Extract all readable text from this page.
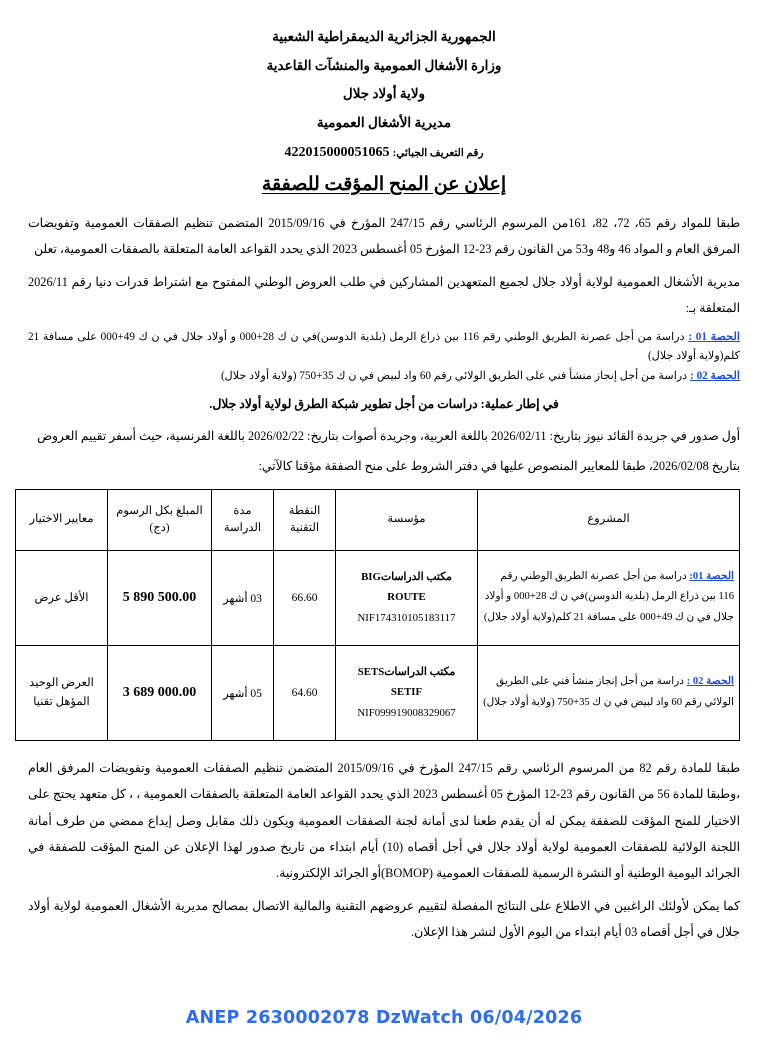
الجمهورية الجزائرية الديمقراطية الشعبية
وزارة الأشغال العمومية والمنشآت القاعدية
ولاية أولاد جلال
مديرية الأشغال العمومية
رقم التعريف الجبائي: 422015000051065
إعلان عن المنح المؤقت للصفقة

طبقا للمواد رقم 65، 72، 82، 161من المرسوم الرئاسي رقم 247/15 المؤرخ في 2015/09/16 المتضمن تنظيم الصفقات العمومية وتفويضات المرفق العام و المواد 46 و48 و53 من القانون رقم 23-12 المؤرخ 05 أغسطس 2023 الذي يحدد القواعد العامة المتعلقة بالصفقات العمومية، تعلن

مديرية الأشغال العمومية لولاية أولاد جلال لجميع المتعهدين المشاركين في طلب العروض الوطني المفتوح مع اشتراط قدرات دنيا رقم 2026/11 المتعلقة بـ:

الحصة 01 : دراسة من أجل عصرنة الطريق الوطني رقم 116 بين ذراع الرمل (بلدية الدوسن)في ن ك 28+000 و أولاد جلال في ن ك 49+000 على مسافة 21 كلم(ولاية أولاد جلال)

الحصة 02 : دراسة من أجل إنجاز منشأ فني على الطريق الولائي رقم 60 واد لبيض في ن ك 35+750 (ولاية أولاد جلال)

في إطار عملية: دراسات من أجل تطوير شبكة الطرق لولاية أولاد جلال.

أول صدور في جريدة القائد نيوز بتاريخ: 2026/02/11 باللغة العربية، وجريدة أصوات بتاريخ: 2026/02/22 باللغة الفرنسية، حيث أسفر تقييم العروض

بتاريخ 2026/02/08، طبقا للمعايير المنصوص عليها في دفتر الشروط على منح الصفقة مؤقتا كالآتي:

المشروع	مؤسسة	النقطة التقنية	مدة الدراسة	المبلغ بكل الرسوم (دج)	معايير الاختيار
الحصة 01: دراسة من أجل عصرنة الطريق الوطني رقم 116 بين ذراع الرمل (بلدية الدوسن)في ن ك 28+000 و أولاد جلال في ن ك 49+000 على مسافة 21 كلم(ولاية أولاد جلال)	مكتب الدراساتBIG ROUTE
NIF174310105183117	66.60	03 أشهر	5 890 500.00	الأقل عرض
الحصة 02 : دراسة من أجل إنجاز منشأ فني على الطريق الولائي رقم 60 واد لبيض في ن ك 35+750 (ولاية أولاد جلال)	مكتب الدراساتSETS SETIF
NIF099919008329067	64.60	05 أشهر	3 689 000.00	العرض الوحيد المؤهل تقنيا

طبقا للمادة رقم 82 من المرسوم الرئاسي رقم 247/15 المؤرخ في 2015/09/16 المتضمن تنظيم الصفقات العمومية وتفويضات المرفق العام ،وطبقا للمادة 56 من القانون رقم 23-12 المؤرخ 05 أغسطس 2023 الذي يحدد القواعد العامة المتعلقة بالصفقات العمومية ، ، كل متعهد يحتج على الاختيار للمنح المؤقت للصفقة يمكن له أن يقدم طعنا لدى أمانة لجنة الصفقات العمومية ويكون ذلك مقابل وصل إيداع ممضي من طرف أمانة اللجنة الولائية للصفقات العمومية لولاية أولاد جلال في أجل أقصاه (10) أيام ابتداء من تاريخ صدور لهذا الإعلان عن المنح المؤقت للصفقة في الجرائد اليومية الوطنية أو النشرة الرسمية للصفقات العمومية (BOMOP)أو الجرائد الإلكترونية.

كما يمكن لأولئك الراغبين في الاطلاع على النتائج المفصلة لتقييم عروضهم التقنية والمالية الاتصال بمصالح مديرية الأشغال العمومية لولاية أولاد جلال في أجل أقصاه 03 أيام ابتداء من اليوم الأول لنشر هذا الإعلان.

ANEP 2630002078 DzWatch 06/04/2026
